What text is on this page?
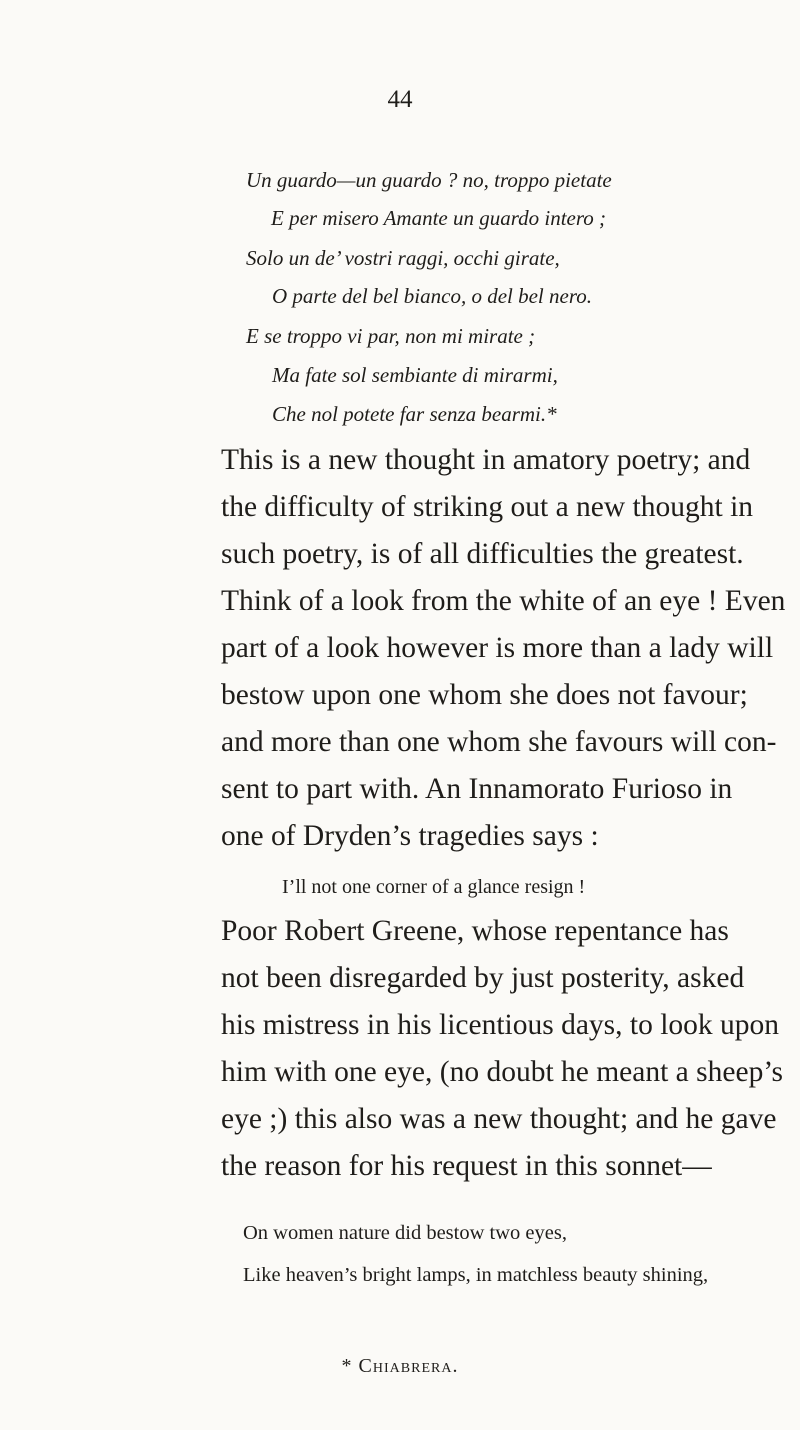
44
Un guardo—un guardo ? no, troppo pietate
E per misero Amante un guardo intero ;
Solo un de’ vostri raggi, occhi girate,
O parte del bel bianco, o del bel nero.
E se troppo vi par, non mi mirate ;
Ma fate sol sembiante di mirarmi,
Che nol potete far senza bearmi.*
This is a new thought in amatory poetry; and
the difficulty of striking out a new thought in
such poetry, is of all difficulties the greatest.
Think of a look from the white of an eye ! Even
part of a look however is more than a lady will
bestow upon one whom she does not favour;
and more than one whom she favours will con-
sent to part with. An Innamorato Furioso in
one of Dryden’s tragedies says :
I’ll not one corner of a glance resign !
Poor Robert Greene, whose repentance has
not been disregarded by just posterity, asked
his mistress in his licentious days, to look upon
him with one eye, (no doubt he meant a sheep’s
eye ;) this also was a new thought; and he gave
the reason for his request in this sonnet—
On women nature did bestow two eyes,
Like heaven’s bright lamps, in matchless beauty shining,
* Chiabrera.
